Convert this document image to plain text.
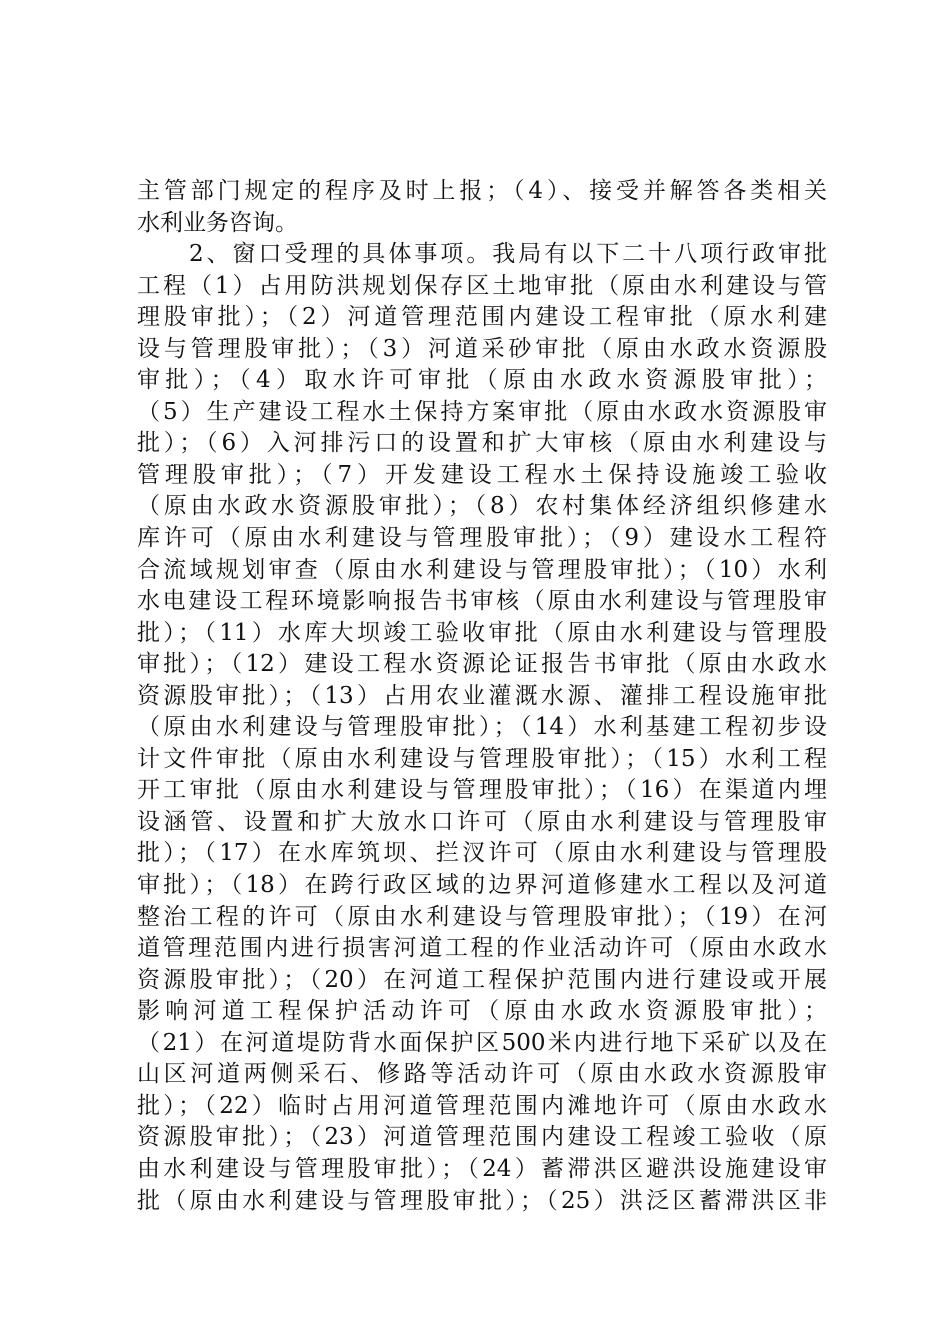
主管部门规定的程序及时上报；（4）、接受并解答各类相关
水利业务咨询。
　　2、窗口受理的具体事项。我局有以下二十八项行政审批
工程（1）占用防洪规划保存区土地审批（原由水利建设与管
理股审批）；（2）河道管理范围内建设工程审批（原水利建
设与管理股审批）；（3）河道采砂审批（原由水政水资源股
审批）；（4）取水许可审批（原由水政水资源股审批）；
（5）生产建设工程水土保持方案审批（原由水政水资源股审
批）；（6）入河排污口的设置和扩大审核（原由水利建设与
管理股审批）；（7）开发建设工程水土保持设施竣工验收
（原由水政水资源股审批）；（8）农村集体经济组织修建水
库许可（原由水利建设与管理股审批）；（9）建设水工程符
合流域规划审查（原由水利建设与管理股审批）；（10）水利
水电建设工程环境影响报告书审核（原由水利建设与管理股审
批）；（11）水库大坝竣工验收审批（原由水利建设与管理股
审批）；（12）建设工程水资源论证报告书审批（原由水政水
资源股审批）；（13）占用农业灌溉水源、灌排工程设施审批
（原由水利建设与管理股审批）；（14）水利基建工程初步设
计文件审批（原由水利建设与管理股审批）；（15）水利工程
开工审批（原由水利建设与管理股审批）；（16）在渠道内埋
设涵管、设置和扩大放水口许可（原由水利建设与管理股审
批）；（17）在水库筑坝、拦汊许可（原由水利建设与管理股
审批）；（18）在跨行政区域的边界河道修建水工程以及河道
整治工程的许可（原由水利建设与管理股审批）；（19）在河
道管理范围内进行损害河道工程的作业活动许可（原由水政水
资源股审批）；（20）在河道工程保护范围内进行建设或开展
影响河道工程保护活动许可（原由水政水资源股审批）；
（21）在河道堤防背水面保护区500米内进行地下采矿以及在
山区河道两侧采石、修路等活动许可（原由水政水资源股审
批）；（22）临时占用河道管理范围内滩地许可（原由水政水
资源股审批）；（23）河道管理范围内建设工程竣工验收（原
由水利建设与管理股审批）；（24）蓄滞洪区避洪设施建设审
批（原由水利建设与管理股审批）；（25）洪泛区蓄滞洪区非
